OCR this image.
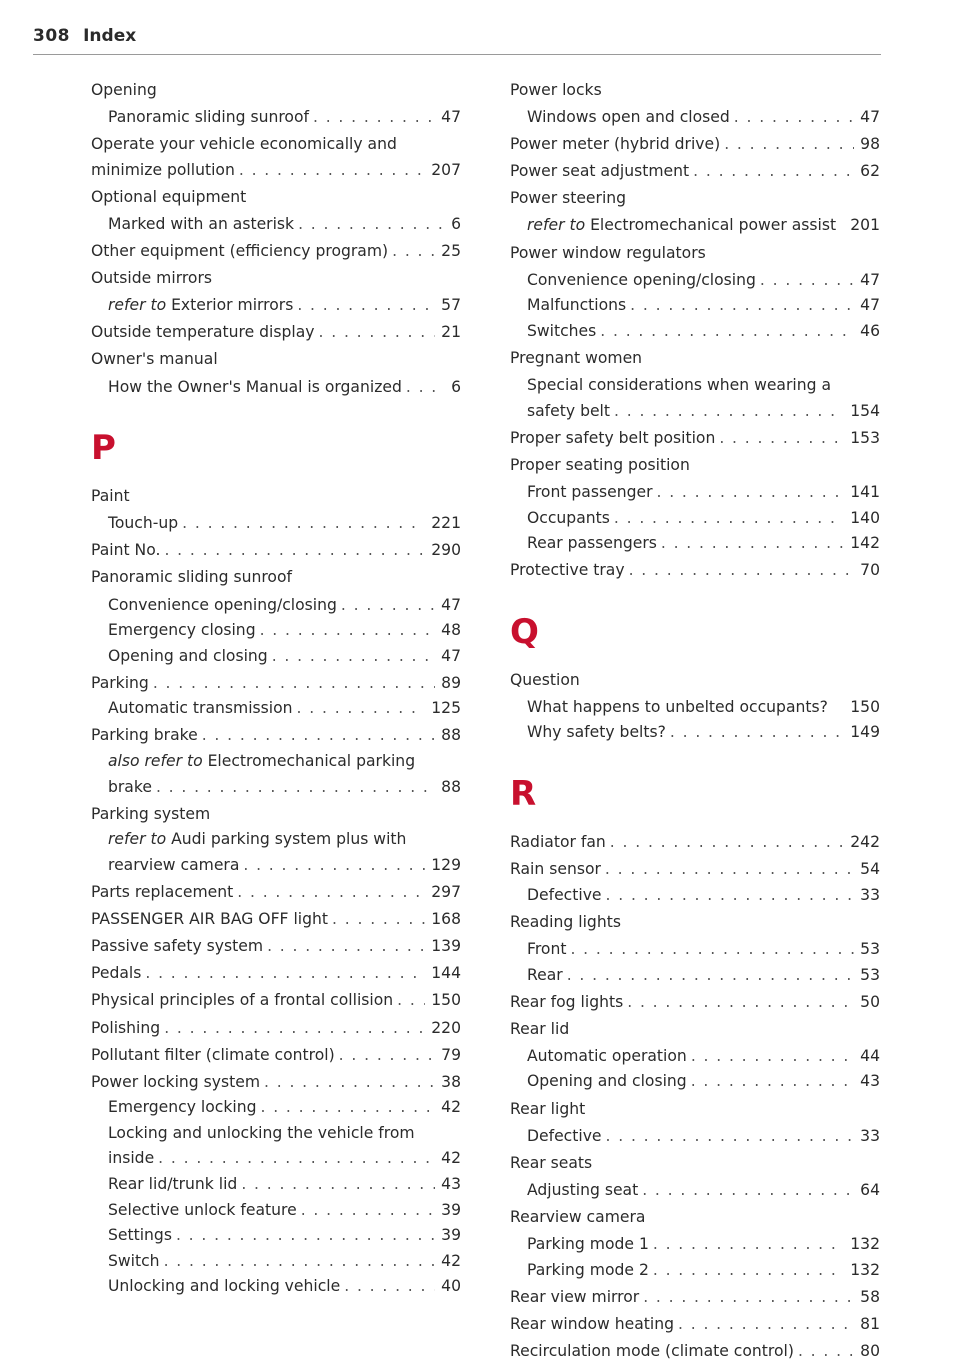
308 Index
Opening
Panoramic sliding sunroof . . .	47
Operate your vehicle economically and
minimize pollution . . .	207
Optional equipment
Marked with an asterisk . . .	6
Other equipment (efficiency program) . . .	25
Outside mirrors
refer to Exterior mirrors . . .	57
Outside temperature display . . .	21
Owner's manual
How the Owner's Manual is organized . . .	6
P
Paint
Touch-up . . .	221
Paint No. . . .	290
Panoramic sliding sunroof
Convenience opening/closing . . .	47
Emergency closing . . .	48
Opening and closing . . .	47
Parking . . .	89
Automatic transmission . . .	125
Parking brake . . .	88
also refer to Electromechanical parking
brake . . .	88
Parking system
refer to Audi parking system plus with
rearview camera . . .	129
Parts replacement . . .	297
PASSENGER AIR BAG OFF light . . .	168
Passive safety system . . .	139
Pedals . . .	144
Physical principles of a frontal collision . . .	150
Polishing . . .	220
Pollutant filter (climate control) . . .	79
Power locking system . . .	38
Emergency locking . . .	42
Locking and unlocking the vehicle from
inside . . .	42
Rear lid/trunk lid . . .	43
Selective unlock feature . . .	39
Settings . . .	39
Switch . . .	42
Unlocking and locking vehicle . . .	40
Power locks
Windows open and closed . . .	47
Power meter (hybrid drive) . . .	98
Power seat adjustment . . .	62
Power steering
refer to Electromechanical power assist 201
Power window regulators
Convenience opening/closing . . .	47
Malfunctions . . .	47
Switches . . .	46
Pregnant women
Special considerations when wearing a
safety belt . . .	154
Proper safety belt position . . .	153
Proper seating position
Front passenger . . .	141
Occupants . . .	140
Rear passengers . . .	142
Protective tray . . .	70
Q
Question
What happens to unbelted occupants?	150
Why safety belts? . . .	149
R
Radiator fan . . .	242
Rain sensor . . .	54
Defective . . .	33
Reading lights
Front . . .	53
Rear . . .	53
Rear fog lights . . .	50
Rear lid
Automatic operation . . .	44
Opening and closing . . .	43
Rear light
Defective . . .	33
Rear seats
Adjusting seat . . .	64
Rearview camera
Parking mode 1 . . .	132
Parking mode 2 . . .	132
Rear view mirror . . .	58
Rear window heating . . .	81
Recirculation mode (climate control) . . .	80
